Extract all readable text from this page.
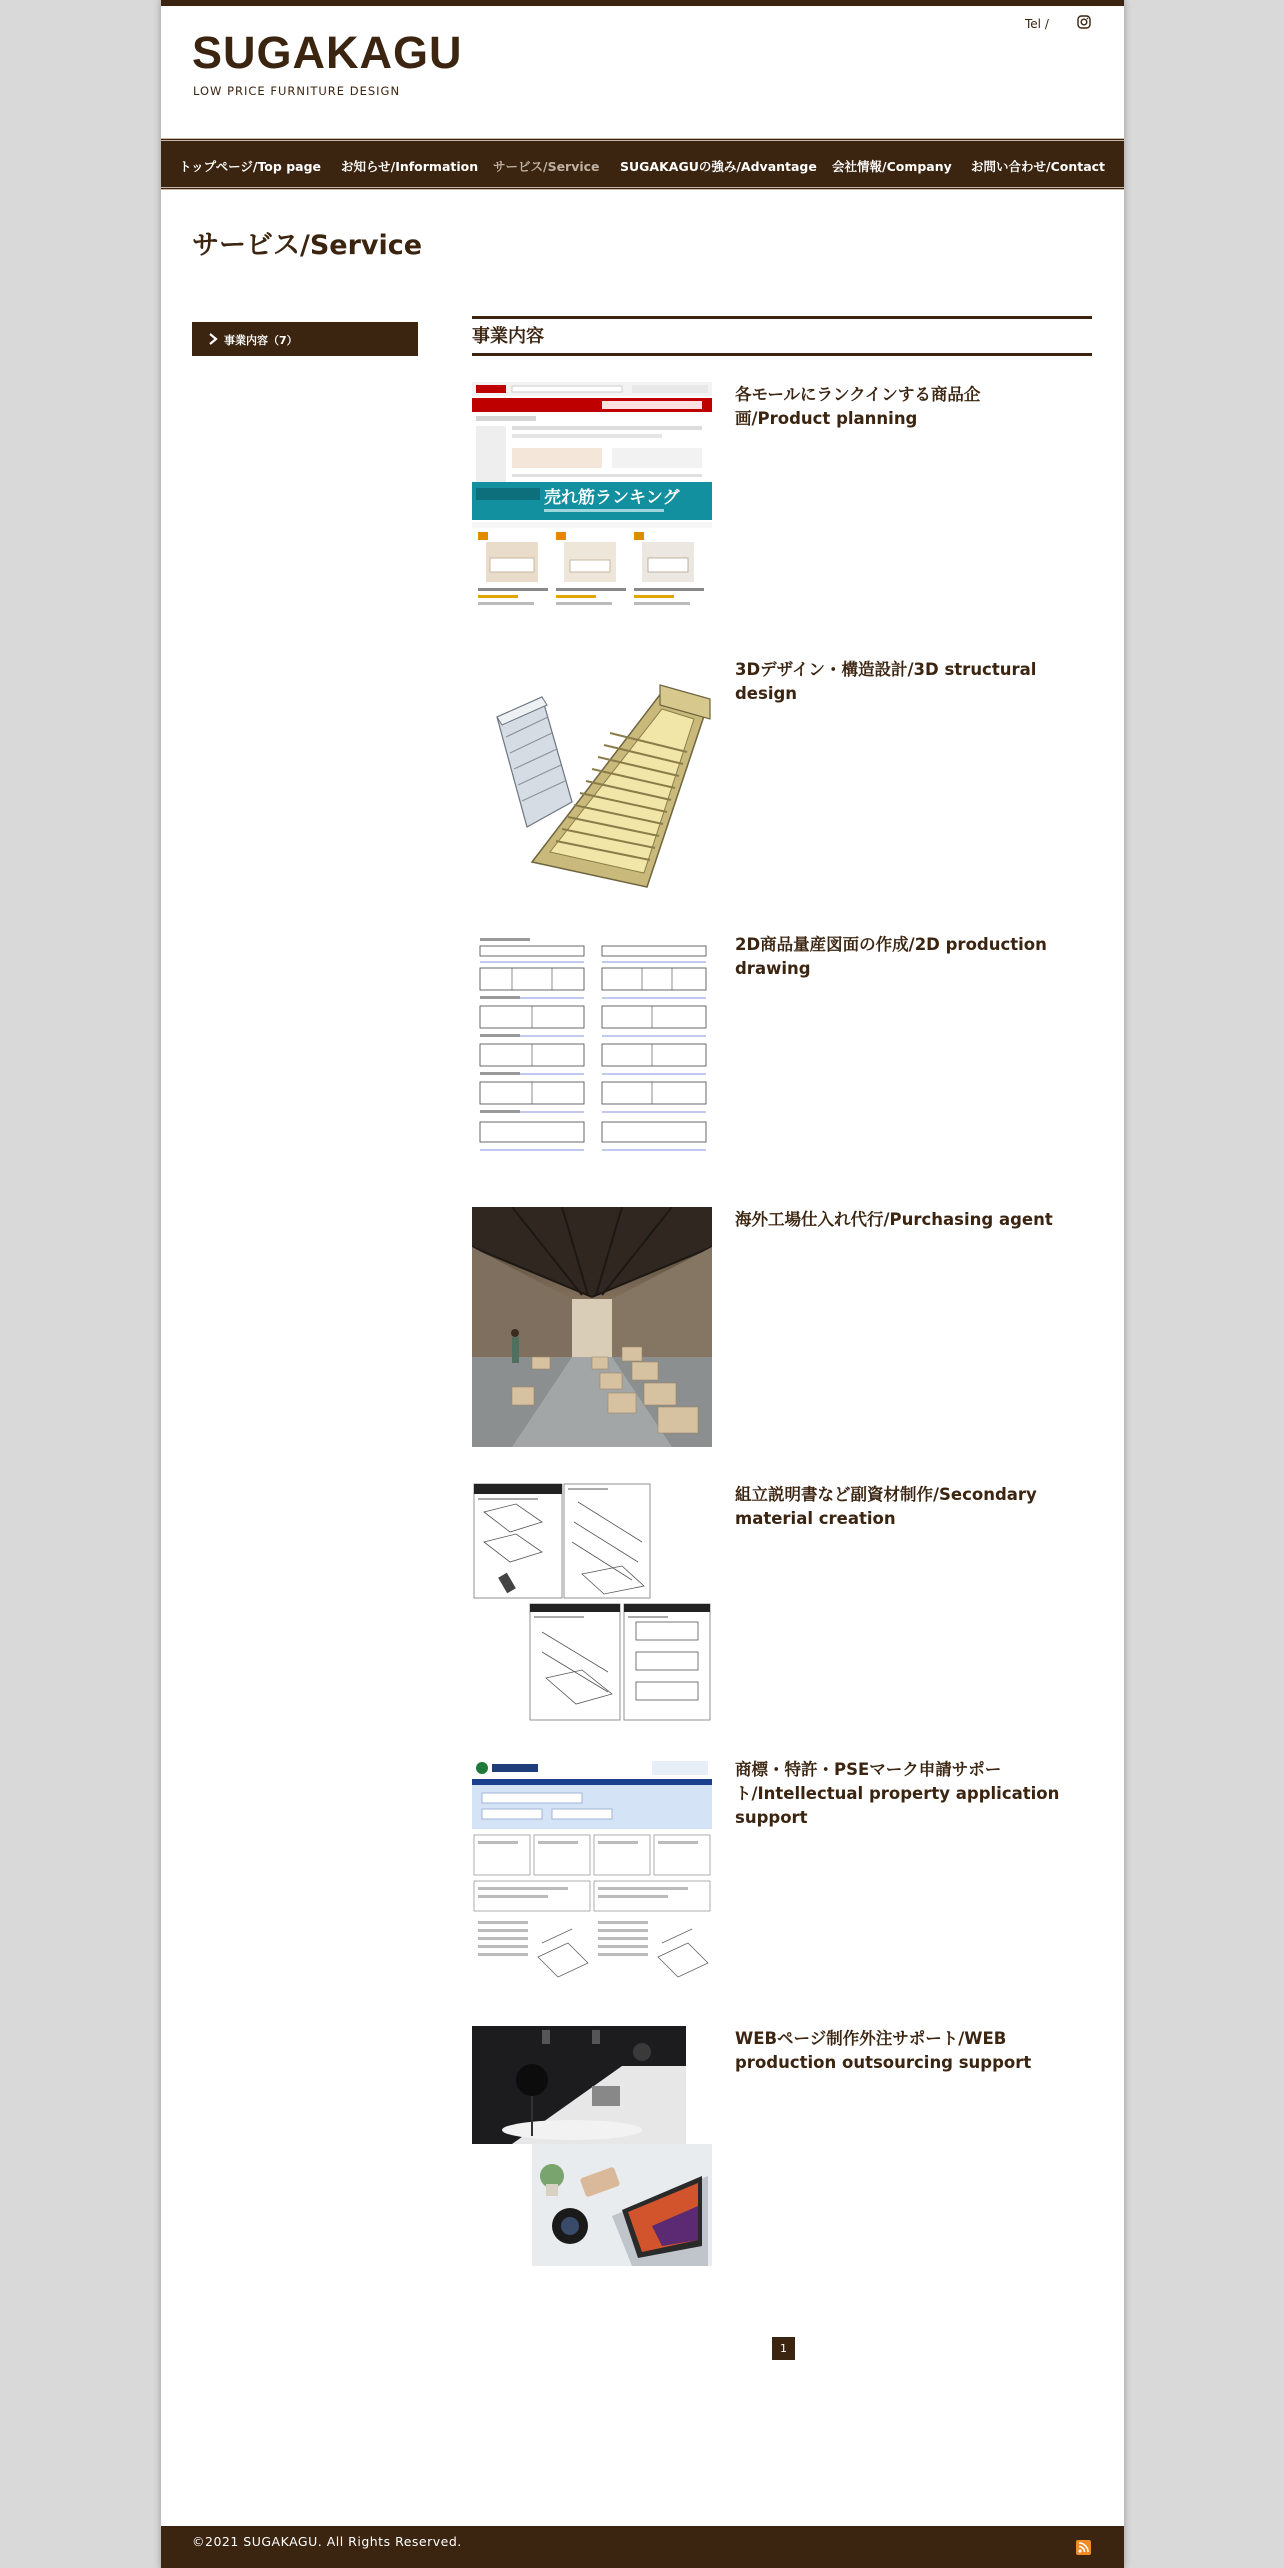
SUGAKAGU
LOW PRICE FURNITURE DESIGN
Tel /
トップページ/Top page お知らせ/Information サービス/Service SUGAKAGUの強み/Advantage 会社情報/Company お問い合わせ/Contact
サービス/Service
事業内容（7）	事業内容
売れ筋ランキング
各モールにランクインする商品企画/Product planning
3Dデザイン・構造設計/3D structural design
2D商品量産図面の作成/2D production drawing
海外工場仕入れ代行/Purchasing agent
組立説明書など副資材制作/Secondary material creation
商標・特許・PSEマーク申請サポート/Intellectual property application support
WEBページ制作外注サポート/WEB production outsourcing support
1
©2021 SUGAKAGU. All Rights Reserved.
